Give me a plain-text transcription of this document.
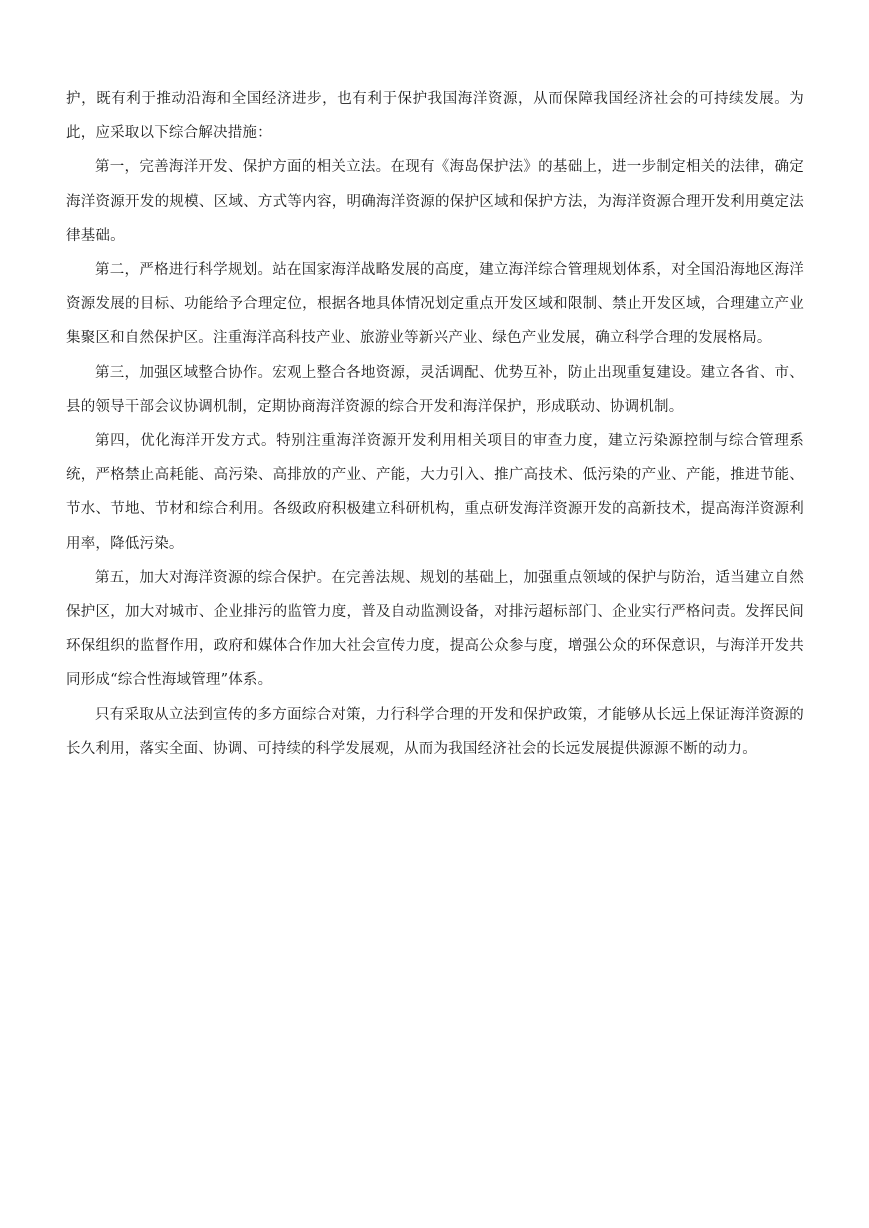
护，既有利于推动沿海和全国经济进步，也有利于保护我国海洋资源，从而保障我国经济社会的可持续发展。为此，应采取以下综合解决措施：

第一，完善海洋开发、保护方面的相关立法。在现有《海岛保护法》的基础上，进一步制定相关的法律，确定海洋资源开发的规模、区域、方式等内容，明确海洋资源的保护区域和保护方法，为海洋资源合理开发利用奠定法律基础。

第二，严格进行科学规划。站在国家海洋战略发展的高度，建立海洋综合管理规划体系，对全国沿海地区海洋资源发展的目标、功能给予合理定位，根据各地具体情况划定重点开发区域和限制、禁止开发区域，合理建立产业集聚区和自然保护区。注重海洋高科技产业、旅游业等新兴产业、绿色产业发展，确立科学合理的发展格局。

第三，加强区域整合协作。宏观上整合各地资源，灵活调配、优势互补，防止出现重复建设。建立各省、市、县的领导干部会议协调机制，定期协商海洋资源的综合开发和海洋保护，形成联动、协调机制。

第四，优化海洋开发方式。特别注重海洋资源开发利用相关项目的审查力度，建立污染源控制与综合管理系统，严格禁止高耗能、高污染、高排放的产业、产能，大力引入、推广高技术、低污染的产业、产能，推进节能、节水、节地、节材和综合利用。各级政府积极建立科研机构，重点研发海洋资源开发的高新技术，提高海洋资源利用率，降低污染。

第五，加大对海洋资源的综合保护。在完善法规、规划的基础上，加强重点领域的保护与防治，适当建立自然保护区，加大对城市、企业排污的监管力度，普及自动监测设备，对排污超标部门、企业实行严格问责。发挥民间环保组织的监督作用，政府和媒体合作加大社会宣传力度，提高公众参与度，增强公众的环保意识，与海洋开发共同形成“综合性海域管理”体系。

只有采取从立法到宣传的多方面综合对策，力行科学合理的开发和保护政策，才能够从长远上保证海洋资源的长久利用，落实全面、协调、可持续的科学发展观，从而为我国经济社会的长远发展提供源源不断的动力。
